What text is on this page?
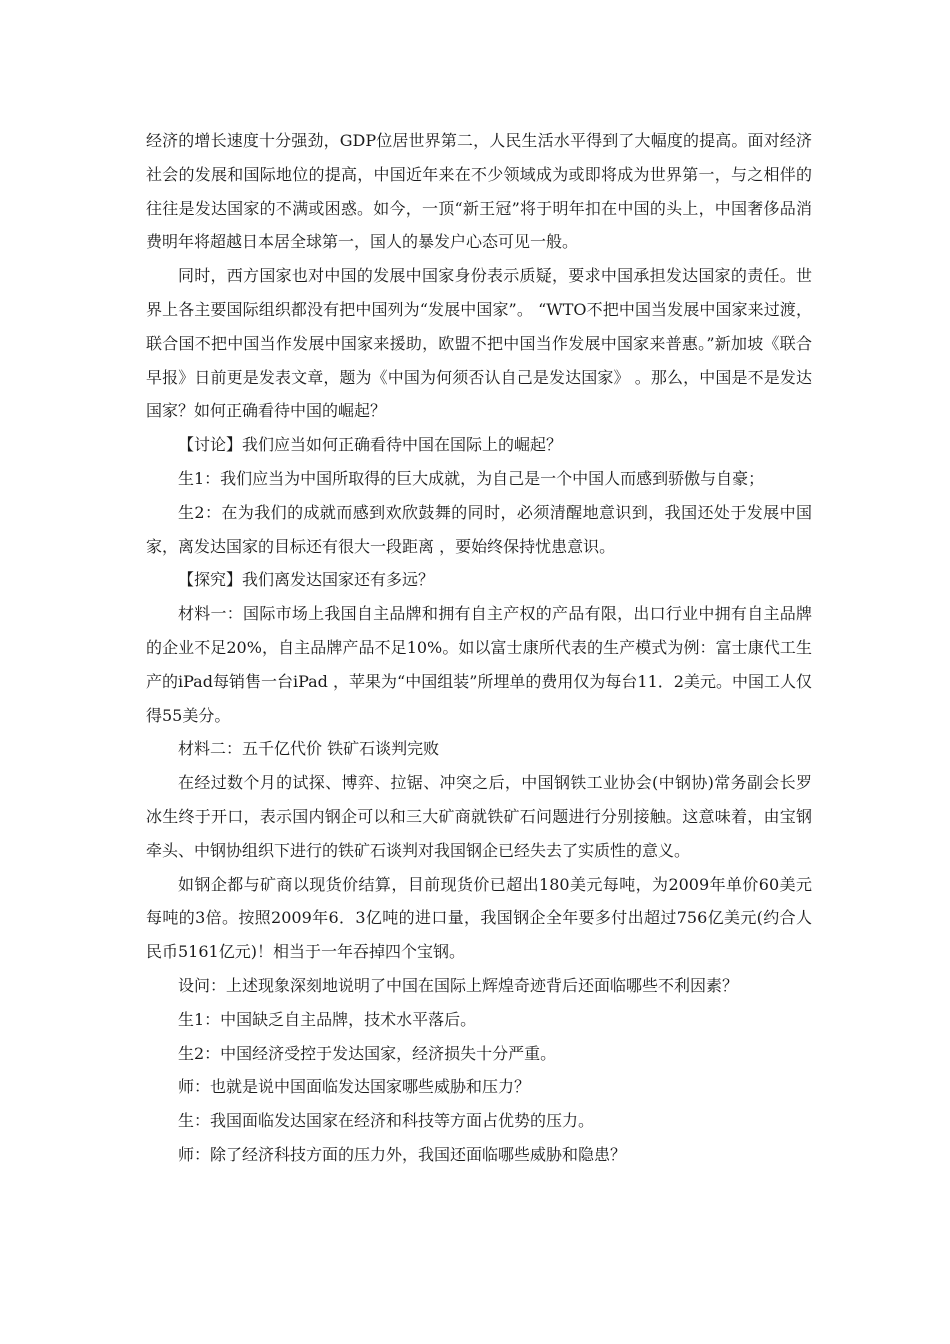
经济的增长速度十分强劲，GDP位居世界第二，人民生活水平得到了大幅度的提高。面对经济社会的发展和国际地位的提高，中国近年来在不少领域成为或即将成为世界第一，与之相伴的往往是发达国家的不满或困惑。如今，一顶“新王冠”将于明年扣在中国的头上，中国奢侈品消费明年将超越日本居全球第一，国人的暴发户心态可见一般。

同时，西方国家也对中国的发展中国家身份表示质疑，要求中国承担发达国家的责任。世界上各主要国际组织都没有把中国列为“发展中国家”。 “WTO不把中国当发展中国家来过渡，联合国不把中国当作发展中国家来援助，欧盟不把中国当作发展中国家来普惠。”新加坡《联合早报》日前更是发表文章，题为《中国为何须否认自己是发达国家》 。那么，中国是不是发达国家？如何正确看待中国的崛起？

【讨论】我们应当如何正确看待中国在国际上的崛起？

生1：我们应当为中国所取得的巨大成就，为自己是一个中国人而感到骄傲与自豪；

生2：在为我们的成就而感到欢欣鼓舞的同时，必须清醒地意识到，我国还处于发展中国家，离发达国家的目标还有很大一段距离 ，要始终保持忧患意识。

【探究】我们离发达国家还有多远？

材料一：国际市场上我国自主品牌和拥有自主产权的产品有限，出口行业中拥有自主品牌的企业不足20%，自主品牌产品不足10%。如以富士康所代表的生产模式为例：富士康代工生产的iPad每销售一台iPad ，苹果为“中国组装”所埋单的费用仅为每台11．2美元。中国工人仅得55美分。

材料二：五千亿代价 铁矿石谈判完败

在经过数个月的试探、博弈、拉锯、冲突之后，中国钢铁工业协会(中钢协)常务副会长罗冰生终于开口，表示国内钢企可以和三大矿商就铁矿石问题进行分别接触。这意味着，由宝钢牵头、中钢协组织下进行的铁矿石谈判对我国钢企已经失去了实质性的意义。

如钢企都与矿商以现货价结算，目前现货价已超出180美元每吨，为2009年单价60美元每吨的3倍。按照2009年6．3亿吨的进口量，我国钢企全年要多付出超过756亿美元(约合人民币5161亿元)！相当于一年吞掉四个宝钢。

设问：上述现象深刻地说明了中国在国际上辉煌奇迹背后还面临哪些不利因素？

生1：中国缺乏自主品牌，技术水平落后。

生2：中国经济受控于发达国家，经济损失十分严重。

师：也就是说中国面临发达国家哪些威胁和压力？

生：我国面临发达国家在经济和科技等方面占优势的压力。

师：除了经济科技方面的压力外，我国还面临哪些威胁和隐患？
